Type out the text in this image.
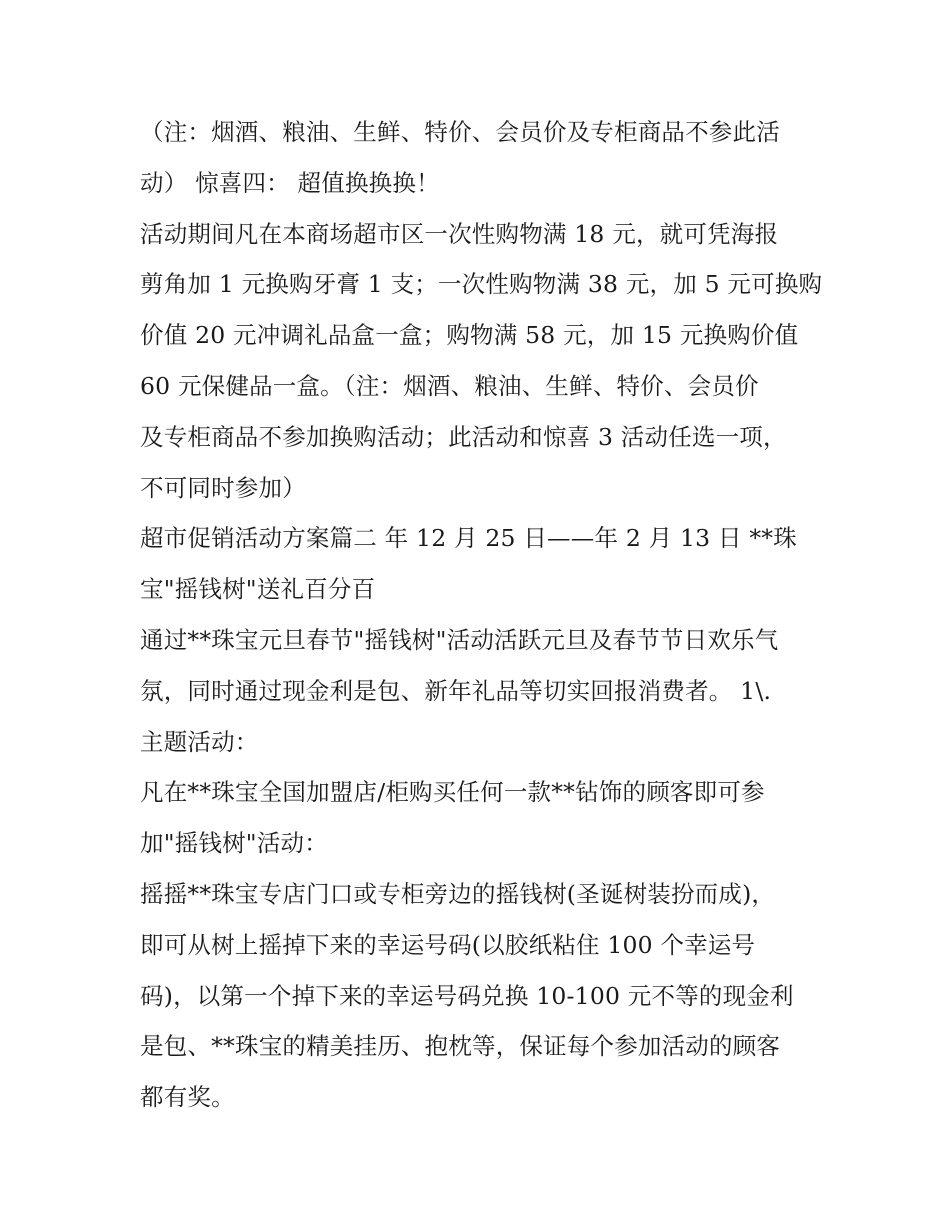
（注：烟酒、粮油、生鲜、特价、会员价及专柜商品不参此活
动） 惊喜四： 超值换换换！
活动期间凡在本商场超市区一次性购物满 18 元，就可凭海报
剪角加 1 元换购牙膏 1 支；一次性购物满 38 元，加 5 元可换购
价值 20 元冲调礼品盒一盒；购物满 58 元，加 15 元换购价值
60 元保健品一盒。（注：烟酒、粮油、生鲜、特价、会员价
及专柜商品不参加换购活动；此活动和惊喜 3 活动任选一项，
不可同时参加）
超市促销活动方案篇二 年 12 月 25 日——年 2 月 13 日 **珠
宝"摇钱树"送礼百分百
通过**珠宝元旦春节"摇钱树"活动活跃元旦及春节节日欢乐气
氛，同时通过现金利是包、新年礼品等切实回报消费者。 1\.
主题活动：
凡在**珠宝全国加盟店/柜购买任何一款**钻饰的顾客即可参
加"摇钱树"活动：
摇摇**珠宝专店门口或专柜旁边的摇钱树(圣诞树装扮而成)，
即可从树上摇掉下来的幸运号码(以胶纸粘住 100 个幸运号
码)，以第一个掉下来的幸运号码兑换 10-100 元不等的现金利
是包、**珠宝的精美挂历、抱枕等，保证每个参加活动的顾客
都有奖。
